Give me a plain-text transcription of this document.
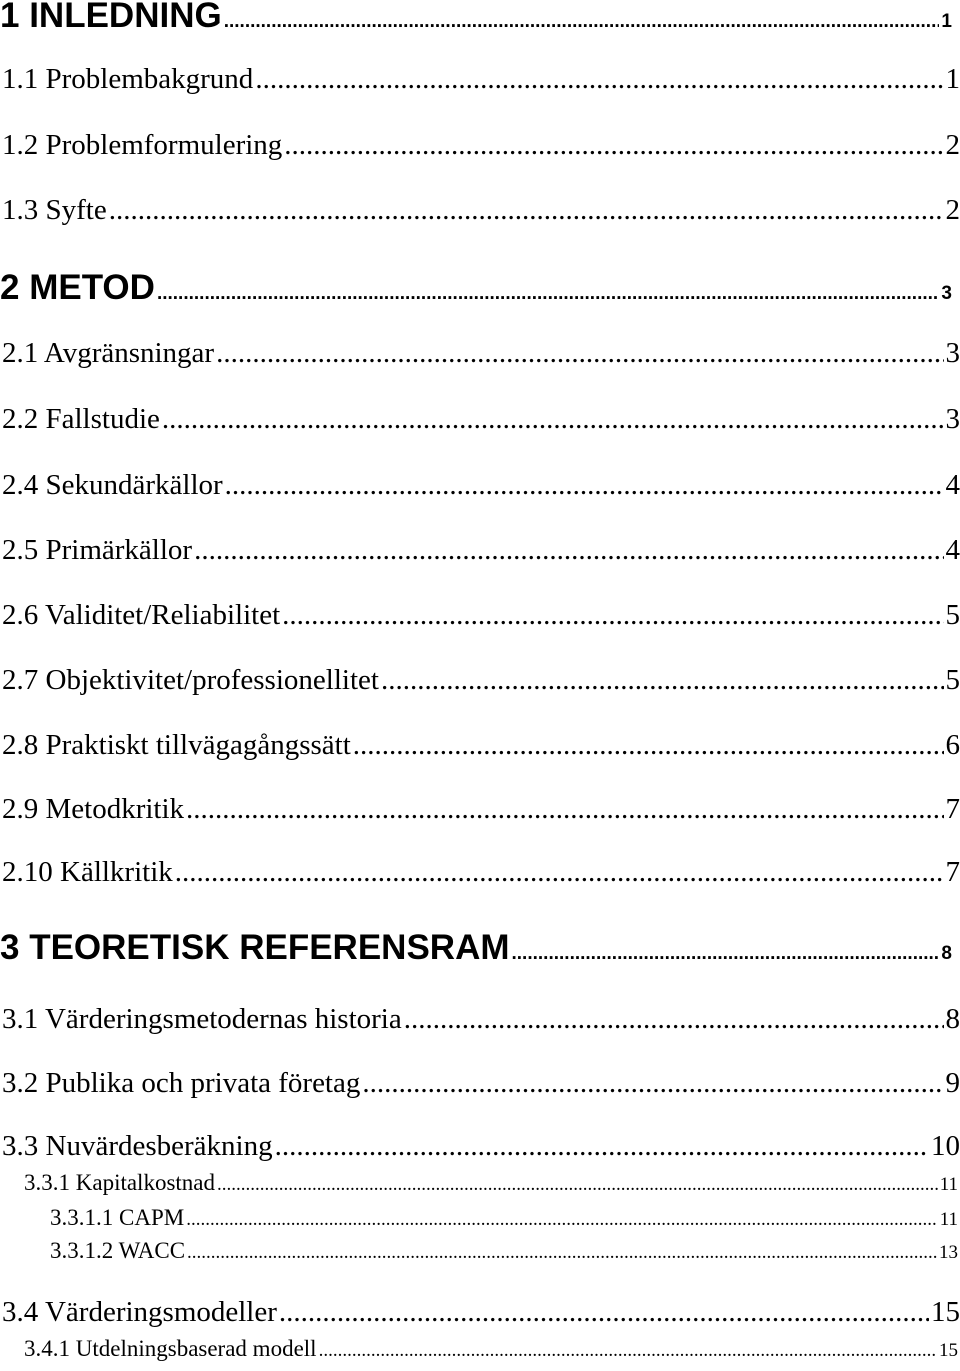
1 INLEDNING .....	1
1.1 Problembakgrund .....	1
1.2 Problemformulering .....	2
1.3 Syfte .....	2
2 METOD .....	3
2.1 Avgränsningar .....	3
2.2 Fallstudie .....	3
2.4 Sekundärkällor .....	4
2.5 Primärkällor .....	4
2.6 Validitet/Reliabilitet .....	5
2.7 Objektivitet/professionellitet .....	5
2.8 Praktiskt tillvägagångssätt .....	6
2.9 Metodkritik .....	7
2.10 Källkritik .....	7
3 TEORETISK REFERENSRAM .....	8
3.1 Värderingsmetodernas historia .....	8
3.2 Publika och privata företag .....	9
3.3 Nuvärdesberäkning .....	10
3.3.1 Kapitalkostnad .....	11
3.3.1.1 CAPM .....	11
3.3.1.2 WACC .....	13
3.4 Värderingsmodeller .....	15
3.4.1 Utdelningsbaserad modell .....	15
